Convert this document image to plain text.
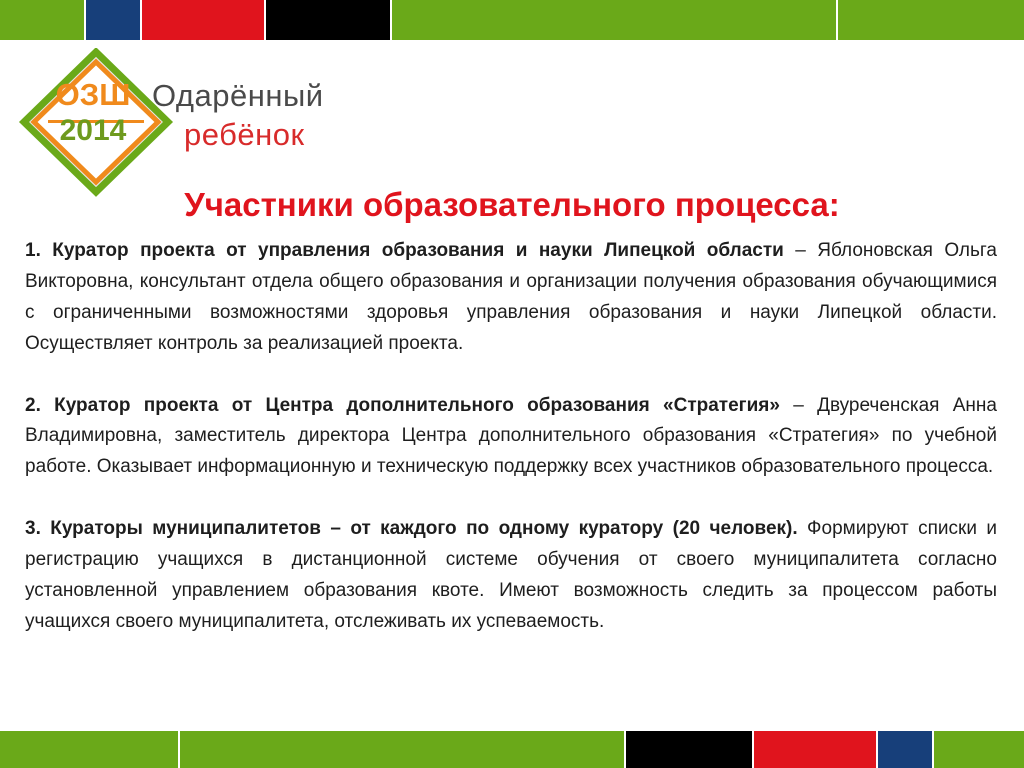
ОЗШ
2014
Одарённый
ребёнок
Участники образовательного процесса:

1. Куратор проекта от управления образования и науки Липецкой области – Яблоновская Ольга Викторовна, консультант отдела общего образования и организации получения образования обучающимися с ограниченными возможностями здоровья управления образования и науки Липецкой области. Осуществляет контроль за реализацией проекта.

2. Куратор проекта от Центра дополнительного образования «Стратегия» – Двуреченская Анна Владимировна, заместитель директора Центра дополнительного образования «Стратегия» по учебной работе. Оказывает информационную и техническую поддержку всех участников образовательного процесса.

3. Кураторы муниципалитетов – от каждого по одному куратору (20 человек). Формируют списки и регистрацию учащихся в дистанционной системе обучения от своего муниципалитета согласно установленной управлением образования квоте. Имеют возможность следить за процессом работы учащихся своего муниципалитета, отслеживать их успеваемость.
